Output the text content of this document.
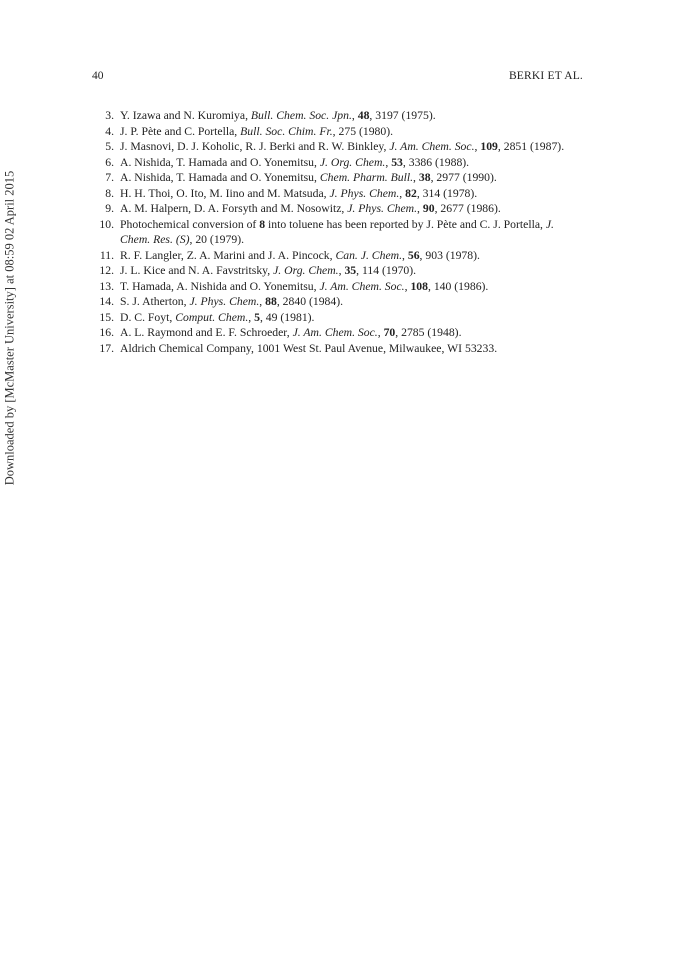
40	BERKI ET AL.
3. Y. Izawa and N. Kuromiya, Bull. Chem. Soc. Jpn., 48, 3197 (1975).
4. J. P. Pète and C. Portella, Bull. Soc. Chim. Fr., 275 (1980).
5. J. Masnovi, D. J. Koholic, R. J. Berki and R. W. Binkley, J. Am. Chem. Soc., 109, 2851 (1987).
6. A. Nishida, T. Hamada and O. Yonemitsu, J. Org. Chem., 53, 3386 (1988).
7. A. Nishida, T. Hamada and O. Yonemitsu, Chem. Pharm. Bull., 38, 2977 (1990).
8. H. H. Thoi, O. Ito, M. Iino and M. Matsuda, J. Phys. Chem., 82, 314 (1978).
9. A. M. Halpern, D. A. Forsyth and M. Nosowitz, J. Phys. Chem., 90, 2677 (1986).
10. Photochemical conversion of 8 into toluene has been reported by J. Pète and C. J. Portella, J. Chem. Res. (S), 20 (1979).
11. R. F. Langler, Z. A. Marini and J. A. Pincock, Can. J. Chem., 56, 903 (1978).
12. J. L. Kice and N. A. Favstritsky, J. Org. Chem., 35, 114 (1970).
13. T. Hamada, A. Nishida and O. Yonemitsu, J. Am. Chem. Soc., 108, 140 (1986).
14. S. J. Atherton, J. Phys. Chem., 88, 2840 (1984).
15. D. C. Foyt, Comput. Chem., 5, 49 (1981).
16. A. L. Raymond and E. F. Schroeder, J. Am. Chem. Soc., 70, 2785 (1948).
17. Aldrich Chemical Company, 1001 West St. Paul Avenue, Milwaukee, WI 53233.
Downloaded by [McMaster University] at 08:59 02 April 2015
